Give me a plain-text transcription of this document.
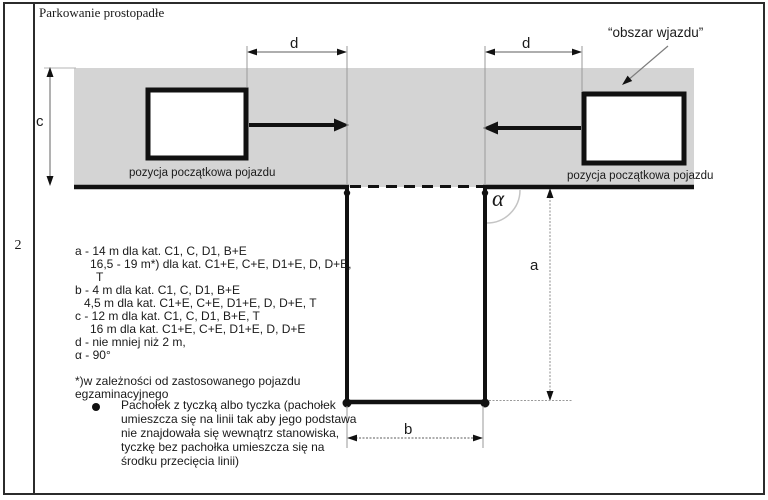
Parkowanie prostopadłe
2
d	d
c
a
b
α
“obszar wjazdu”
pozycja początkowa pojazdu	pozycja początkowa pojazdu
a - 14 m dla kat. C1, C, D1, B+E
16,5 - 19 m*) dla kat. C1+E, C+E, D1+E, D, D+E,
T
b - 4 m dla kat. C1, C, D1, B+E
4,5 m dla kat. C1+E, C+E, D1+E, D, D+E, T
c - 12 m dla kat. C1, C, D1, B+E, T
16 m dla kat. C1+E, C+E, D1+E, D, D+E
d - nie mniej niż 2 m,
α - 90°
*)w zależności od zastosowanego pojazdu egzaminacyjnego
Pachołek z tyczką albo tyczka (pachołek umieszcza się na linii tak aby jego podstawa nie znajdowała się wewnątrz stanowiska, tyczkę bez pachołka umieszcza się na środku przecięcia linii)
